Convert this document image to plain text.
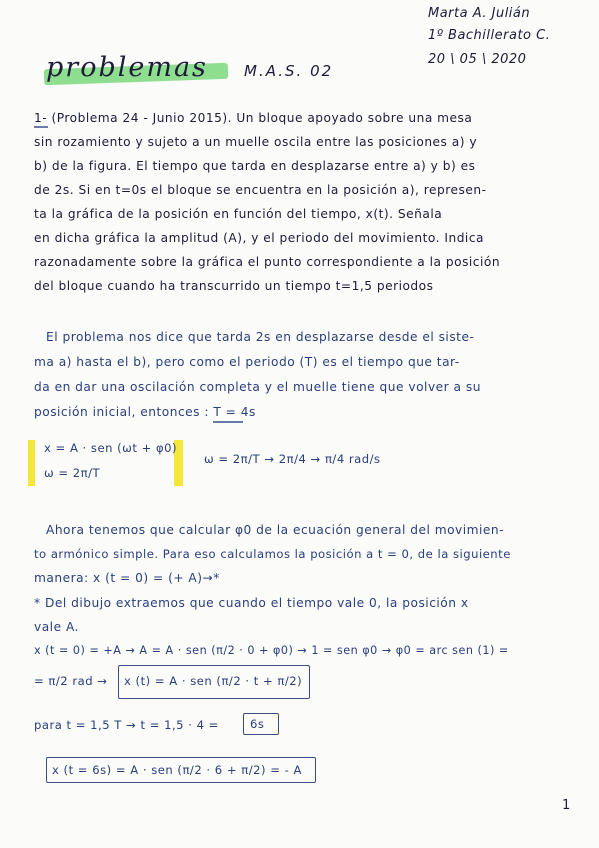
Marta A. Julián
1º Bachillerato C.
20 \ 05 \ 2020
problemas M.A.S. 02
1- (Problema 24 - Junio 2015). Un bloque apoyado sobre una mesa
sin rozamiento y sujeto a un muelle oscila entre las posiciones a) y
b) de la figura. El tiempo que tarda en desplazarse entre a) y b) es
de 2s. Si en t=0s el bloque se encuentra en la posición a), represen-
ta la gráfica de la posición en función del tiempo, x(t). Señala
en dicha gráfica la amplitud (A), y el periodo del movimiento. Indica
razonadamente sobre la gráfica el punto correspondiente a la posición
del bloque cuando ha transcurrido un tiempo t=1,5 periodos
El problema nos dice que tarda 2s en desplazarse desde el siste-
ma a) hasta el b), pero como el periodo (T) es el tiempo que tar-
da en dar una oscilación completa y el muelle tiene que volver a su
posición inicial, entonces : T = 4s
x = A · sen (ωt + φ0)
ω = 2π/T
ω = 2π/T → 2π/4 → π/4 rad/s
Ahora tenemos que calcular φ0 de la ecuación general del movimien-
to armónico simple. Para eso calculamos la posición a t = 0, de la siguiente
manera: x (t = 0) = (+ A)→*
* Del dibujo extraemos que cuando el tiempo vale 0, la posición x
vale A.
x (t = 0) = +A → A = A · sen (π/2 · 0 + φ0) → 1 = sen φ0 → φ0 = arc sen (1) =
= π/2 rad → x (t) = A · sen (π/2 · t + π/2)
para t = 1,5 T → t = 1,5 · 4 =	6s
x (t = 6s) = A · sen (π/2 · 6 + π/2) = - A
1
